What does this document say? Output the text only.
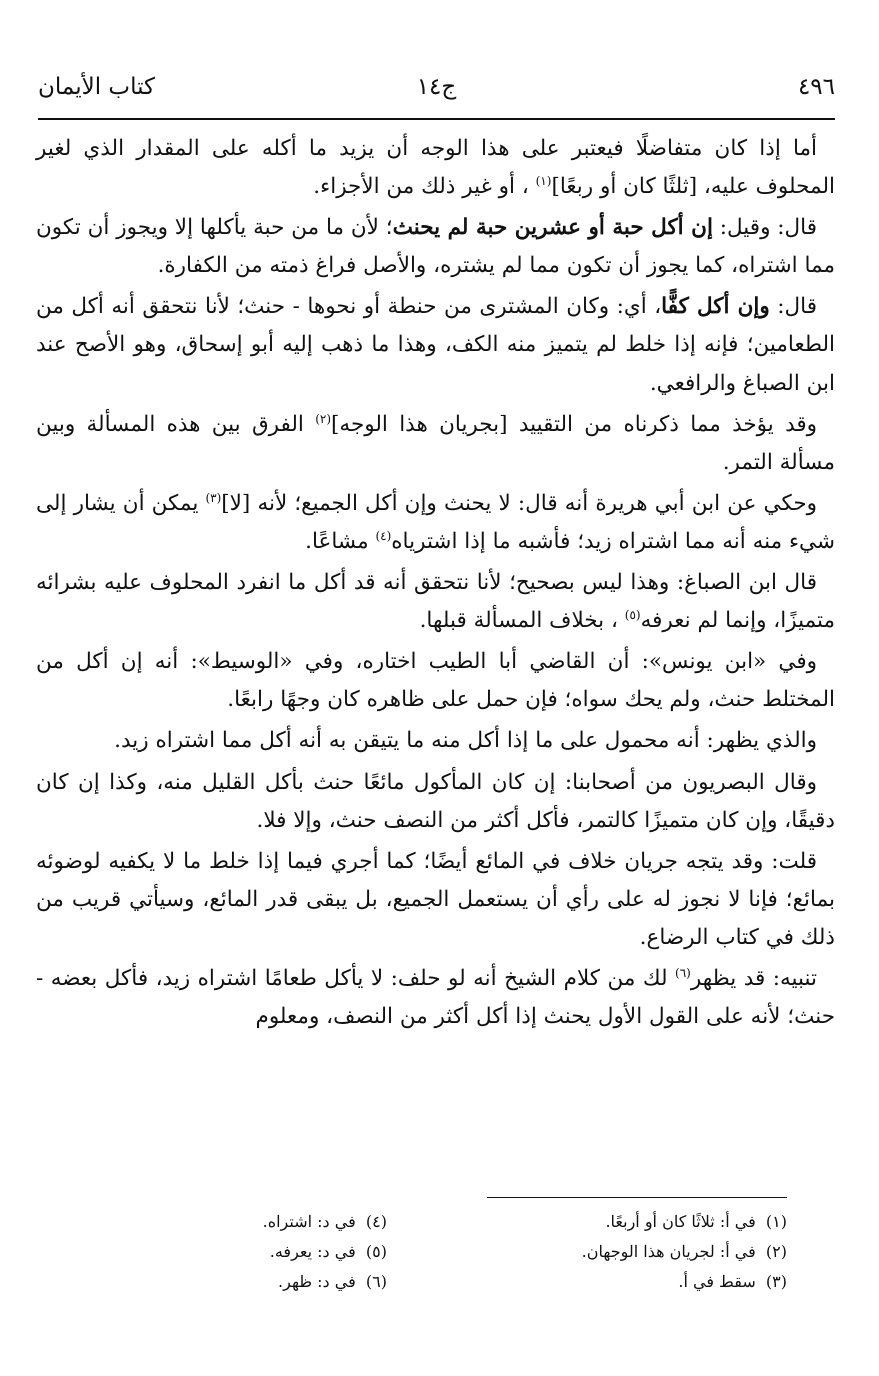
٤٩٦
ج١٤
كتاب الأيمان

أما إذا كان متفاضلًا فيعتبر على هذا الوجه أن يزيد ما أكله على المقدار الذي لغير المحلوف عليه، [ثلثًا كان أو ربعًا]$^{(١)}$ ، أو غير ذلك من الأجزاء.

قال: وقيل: إن أكل حبة أو عشرين حبة لم يحنث؛ لأن ما من حبة يأكلها إلا ويجوز أن تكون مما اشتراه، كما يجوز أن تكون مما لم يشتره، والأصل فراغ ذمته من الكفارة.

قال: وإن أكل كفًّا، أي: وكان المشترى من حنطة أو نحوها - حنث؛ لأنا نتحقق أنه أكل من الطعامين؛ فإنه إذا خلط لم يتميز منه الكف، وهذا ما ذهب إليه أبو إسحاق، وهو الأصح عند ابن الصباغ والرافعي.

وقد يؤخذ مما ذكرناه من التقييد [بجريان هذا الوجه]$^{(٢)}$ الفرق بين هذه المسألة وبين مسألة التمر.

وحكي عن ابن أبي هريرة أنه قال: لا يحنث وإن أكل الجميع؛ لأنه [لا]$^{(٣)}$ يمكن أن يشار إلى شيء منه أنه مما اشتراه زيد؛ فأشبه ما إذا اشترياه$^{(٤)}$ مشاعًا.

قال ابن الصباغ: وهذا ليس بصحيح؛ لأنا نتحقق أنه قد أكل ما انفرد المحلوف عليه بشرائه متميزًا، وإنما لم نعرفه$^{(٥)}$ ، بخلاف المسألة قبلها.

وفي «ابن يونس»: أن القاضي أبا الطيب اختاره، وفي «الوسيط»: أنه إن أكل من المختلط حنث، ولم يحك سواه؛ فإن حمل على ظاهره كان وجهًا رابعًا.

والذي يظهر: أنه محمول على ما إذا أكل منه ما يتيقن به أنه أكل مما اشتراه زيد.

وقال البصريون من أصحابنا: إن كان المأكول مائعًا حنث بأكل القليل منه، وكذا إن كان دقيقًا، وإن كان متميزًا كالتمر، فأكل أكثر من النصف حنث، وإلا فلا.

قلت: وقد يتجه جريان خلاف في المائع أيضًا؛ كما أجري فيما إذا خلط ما لا يكفيه لوضوئه بمائع؛ فإنا لا نجوز له على رأي أن يستعمل الجميع، بل يبقى قدر المائع، وسيأتي قريب من ذلك في كتاب الرضاع.

تنبيه: قد يظهر$^{(٦)}$ لك من كلام الشيخ أنه لو حلف: لا يأكل طعامًا اشتراه زيد، فأكل بعضه - حنث؛ لأنه على القول الأول يحنث إذا أكل أكثر من النصف، ومعلوم

(١)  في أ: ثلاثًا كان أو أربعًا.
(٢)  في أ: لجريان هذا الوجهان.
(٣)  سقط في أ.
(٤)  في د: اشتراه.
(٥)  في د: يعرفه.
(٦)  في د: ظهر.
